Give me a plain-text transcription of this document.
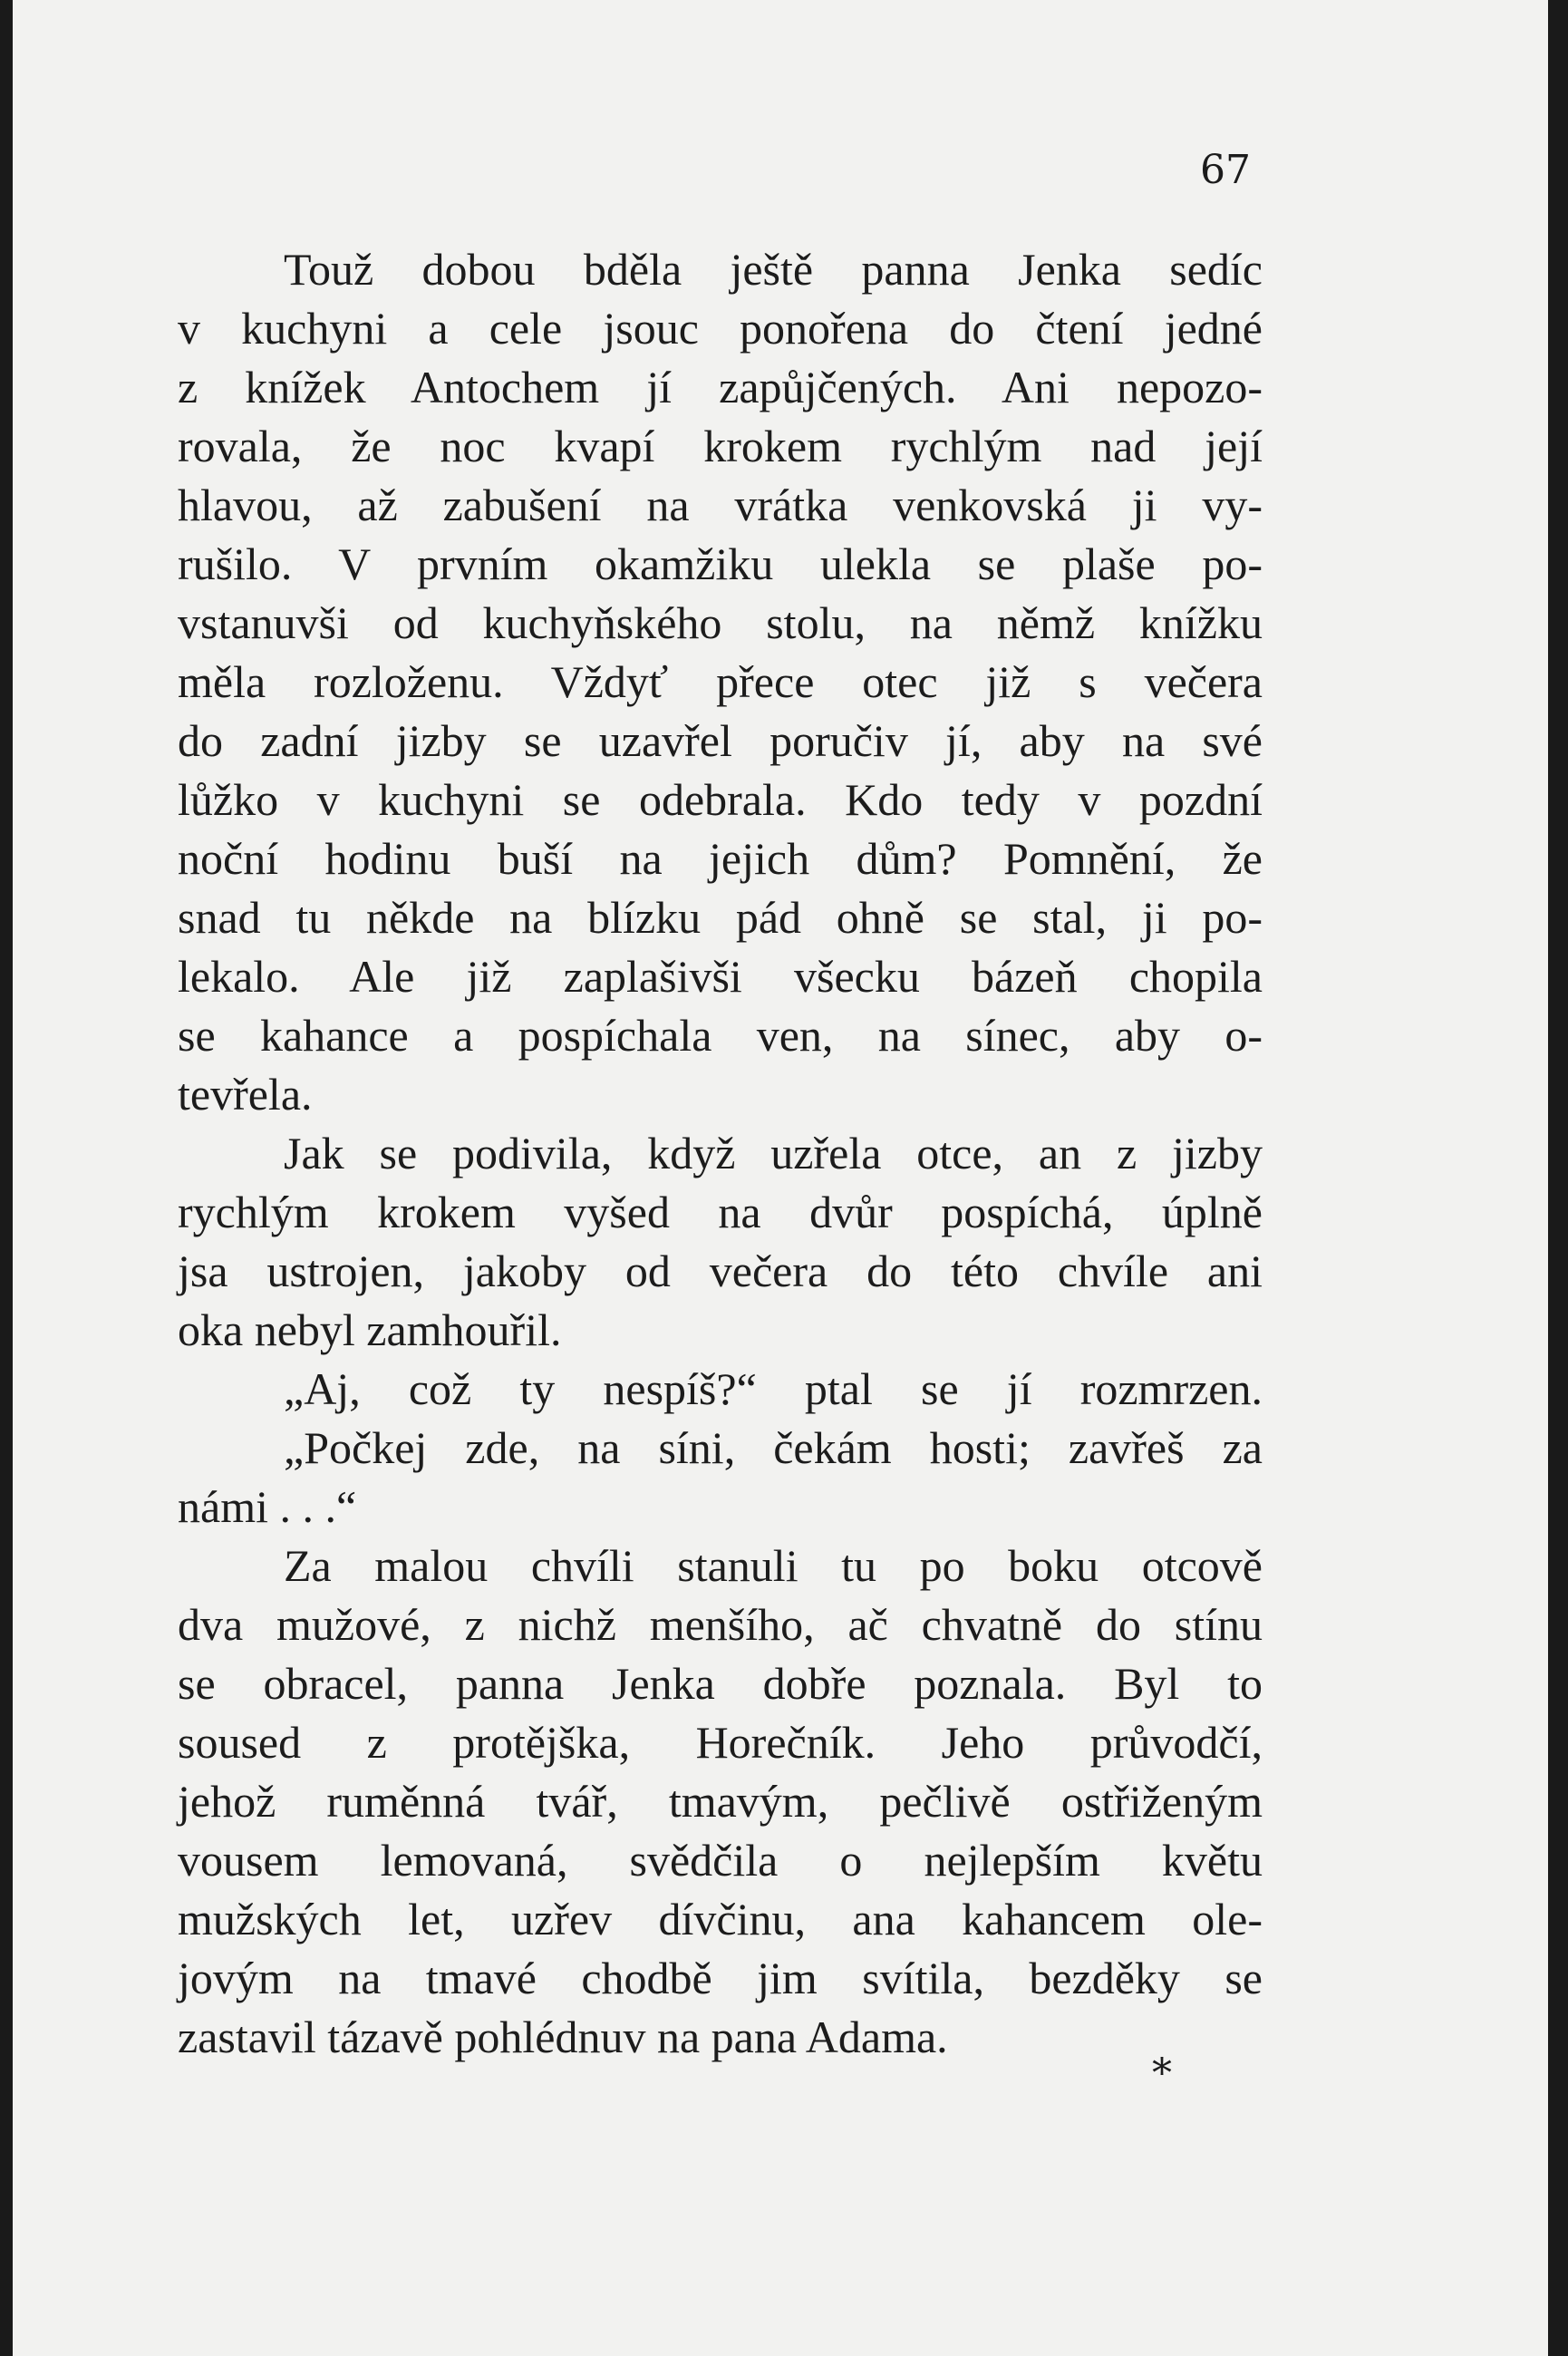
67
Touž dobou bděla ještě panna Jenka sedíc
v kuchyni a cele jsouc ponořena do čtení jedné
z knížek Antochem jí zapůjčených. Ani nepozo-
rovala, že noc kvapí krokem rychlým nad její
hlavou, až zabušení na vrátka venkovská ji vy-
rušilo. V prvním okamžiku ulekla se plaše po-
vstanuvši od kuchyňského stolu, na němž knížku
měla rozloženu. Vždyť přece otec již s večera
do zadní jizby se uzavřel poručiv jí, aby na své
lůžko v kuchyni se odebrala. Kdo tedy v pozdní
noční hodinu buší na jejich dům? Pomnění, že
snad tu někde na blízku pád ohně se stal, ji po-
lekalo. Ale již zaplašivši všecku bázeň chopila
se kahance a pospíchala ven, na síneс, aby o-
tevřela.
Jak se podivila, když uzřela otce, an z jizby
rychlým krokem vyšed na dvůr pospíchá, úplně
jsa ustrojen, jakoby od večera do této chvíle ani
oka nebyl zamhouřil.
„Aj, což ty nespíš?“ ptal se jí rozmrzen.
„Počkej zde, na síni, čekám hosti; zavřeš za
námi . . .“
Za malou chvíli stanuli tu po boku otcově
dva mužové, z nichž menšího, ač chvatně do stínu
se obracel, panna Jenka dobře poznala. Byl to
soused z protějška, Horečník. Jeho průvodčí,
jehož ruměnná tvář, tmavým, pečlivě ostřiženým
vousem lemovaná, svědčila o nejlepším květu
mužských let, uzřev dívčinu, ana kahancem ole-
jovým na tmavé chodbě jim svítila, bezděky se
zastavil tázavě pohlédnuv na pana Adama.
*
